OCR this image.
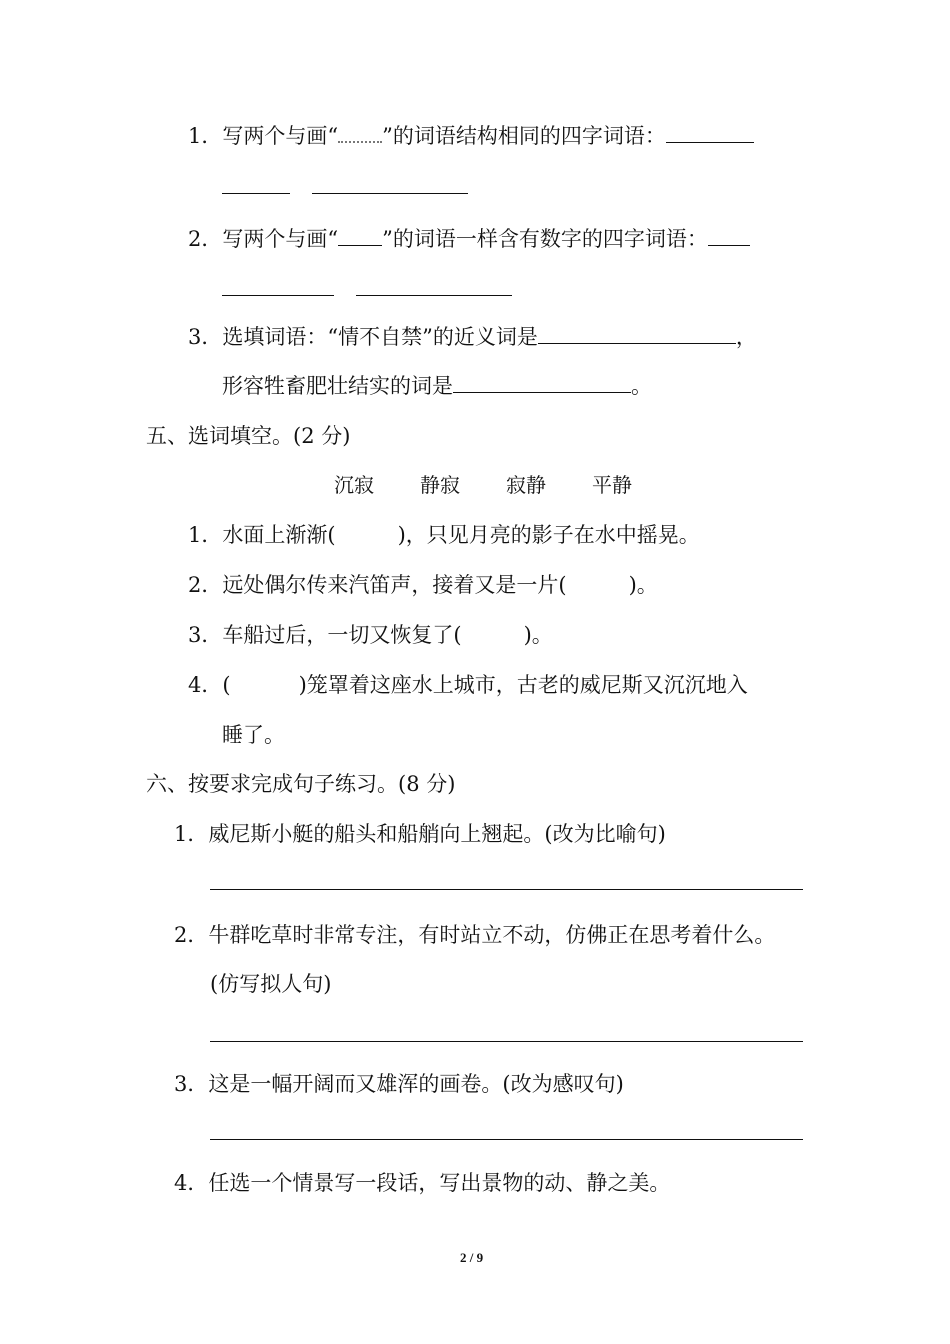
1．写两个与画“ ”的词语结构相同的四字词语：
2．写两个与画“ ”的词语一样含有数字的四字词语：
3．选填词语：“情不自禁”的近义词是	，
形容牲畜肥壮结实的词是	。
五、选词填空。(2 分)
沉寂 静寂 寂静 平静
1．水面上渐渐(	)，只见月亮的影子在水中摇晃。
2．远处偶尔传来汽笛声，接着又是一片(	)。
3．车船过后，一切又恢复了(	)。
4．(	)笼罩着这座水上城市，古老的威尼斯又沉沉地入
睡了。
六、按要求完成句子练习。(8 分)
1．威尼斯小艇的船头和船艄向上翘起。(改为比喻句)
2．牛群吃草时非常专注，有时站立不动，仿佛正在思考着什么。
(仿写拟人句)
3．这是一幅开阔而又雄浑的画卷。(改为感叹句)
4．任选一个情景写一段话，写出景物的动、静之美。
2 / 9
